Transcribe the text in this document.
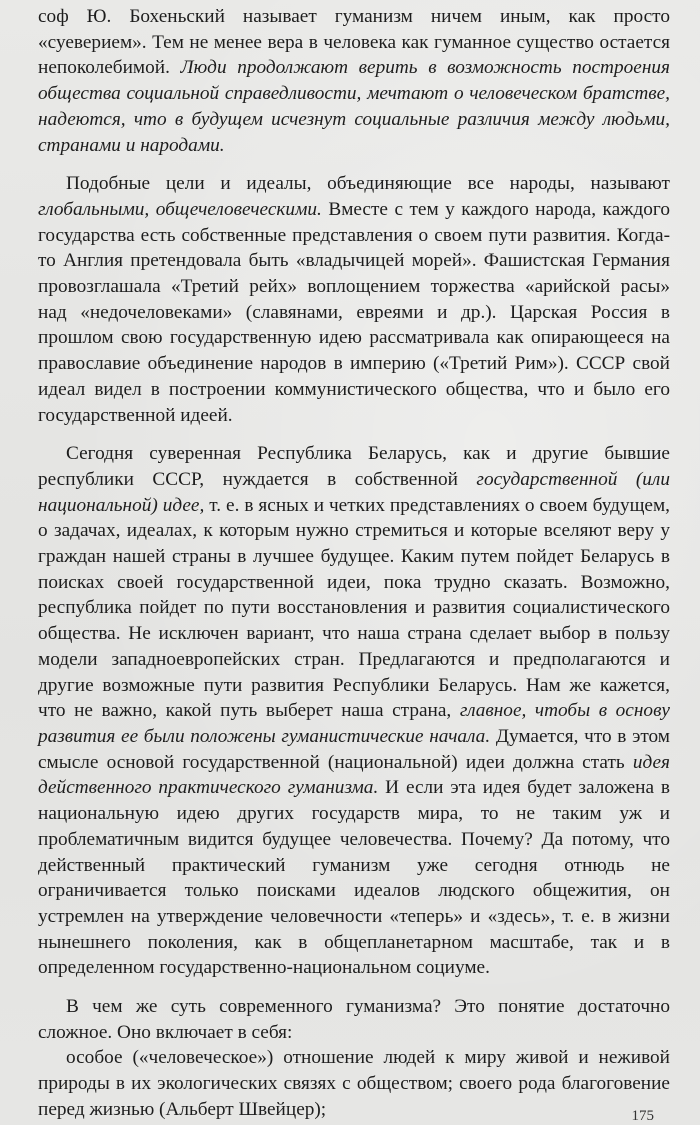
соф Ю. Бохеньский называет гуманизм ничем иным, как просто «суеверием». Тем не менее вера в человека как гуманное существо остается непоколебимой. Люди продолжают верить в возможность построения общества социальной справедливости, мечтают о человеческом братстве, надеются, что в будущем исчезнут социальные различия между людьми, странами и народами.

Подобные цели и идеалы, объединяющие все народы, называют глобальными, общечеловеческими. Вместе с тем у каждого народа, каждого государства есть собственные представления о своем пути развития. Когда-то Англия претендовала быть «владычицей морей». Фашистская Германия провозглашала «Третий рейх» воплощением торжества «арийской расы» над «недочеловеками» (славянами, евреями и др.). Царская Россия в прошлом свою государственную идею рассматривала как опирающееся на православие объединение народов в империю («Третий Рим»). СССР свой идеал видел в построении коммунистического общества, что и было его государственной идеей.

Сегодня суверенная Республика Беларусь, как и другие бывшие республики СССР, нуждается в собственной государственной (или национальной) идее, т. е. в ясных и четких представлениях о своем будущем, о задачах, идеалах, к которым нужно стремиться и которые вселяют веру у граждан нашей страны в лучшее будущее. Каким путем пойдет Беларусь в поисках своей государственной идеи, пока трудно сказать. Возможно, республика пойдет по пути восстановления и развития социалистического общества. Не исключен вариант, что наша страна сделает выбор в пользу модели западноевропейских стран. Предлагаются и предполагаются и другие возможные пути развития Республики Беларусь. Нам же кажется, что не важно, какой путь выберет наша страна, главное, чтобы в основу развития ее были положены гуманистические начала. Думается, что в этом смысле основой государственной (национальной) идеи должна стать идея действенного практического гуманизма. И если эта идея будет заложена в национальную идею других государств мира, то не таким уж и проблематичным видится будущее человечества. Почему? Да потому, что действенный практический гуманизм уже сегодня отнюдь не ограничивается только поисками идеалов людского общежития, он устремлен на утверждение человечности «теперь» и «здесь», т. е. в жизни нынешнего поколения, как в общепланетарном масштабе, так и в определенном государственно-национальном социуме.

В чем же суть современного гуманизма? Это понятие достаточно сложное. Оно включает в себя:

особое («человеческое») отношение людей к миру живой и неживой природы в их экологических связях с обществом; своего рода благоговение перед жизнью (Альберт Швейцер);	175
